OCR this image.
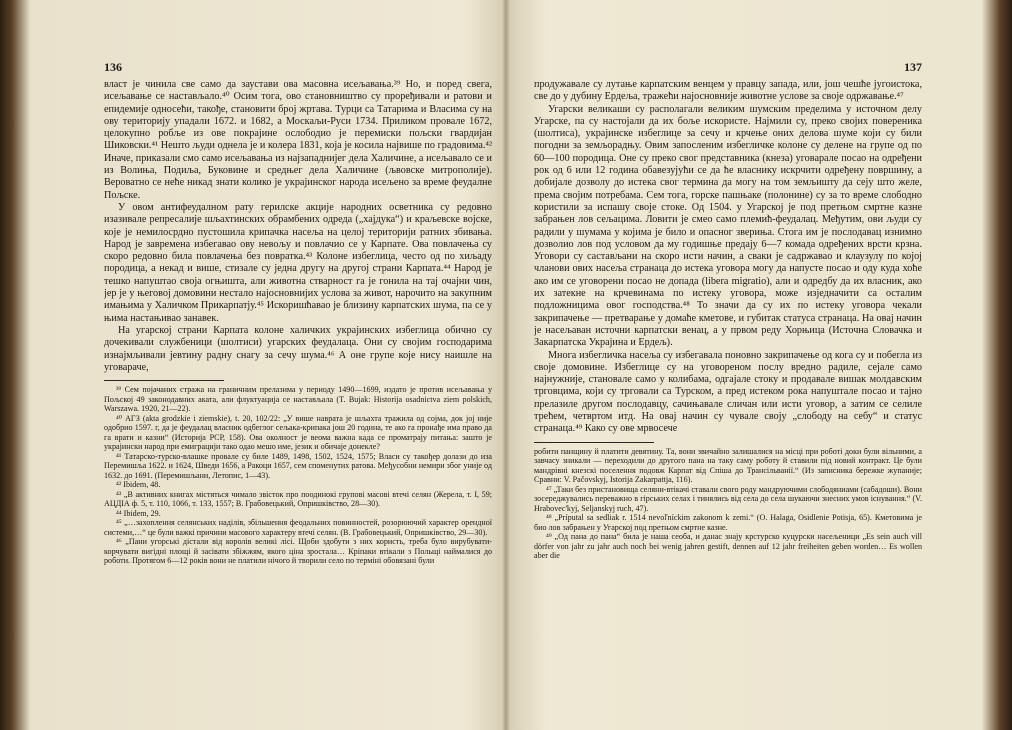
136

власт је чинила све само да заустави ова масовна исељавања.³⁹ Но, и поред свега, исељавање се настављало.⁴⁰ Осим тога, ово становништво су проређивали и ратови и епидемије односећи, такође, становити број жртава. Турци са Татарима и Власима су на ову територију упадали 1672. и 1682, а Москаљи-Руси 1734. Приликом провале 1672, целокупно робље из ове покрајине ослободио је перемиски пољски гвардијан Шиковски.⁴¹ Нешто људи однела је и колера 1831, која је косила највише по градовима.⁴² Иначе, приказали смо само исељавања из најзападнијег дела Халичине, а исељавало се и из Волиња, Подиља, Буковине и средњег дела Халичине (љвовске митрополије). Вероватно се неће никад знати колико је украјинског народа исељено за време феудалне Пољске.

У овом антифеудалном рату герилске акције народних осветника су редовно изазивале репресалије шљахтинских обрамбених одреда („хајдука“) и краљевске војске, које је немилосрдно пустошила крипачка насеља на целој територији ратних збивања. Народ је завремена избегавао ову невољу и повлачио се у Карпате. Ова повлачења су скоро редовно била повлачења без повратка.⁴³ Колоне избеглица, често од по хиљаду породица, а некад и више, стизале су једна другу на другој страни Карпата.⁴⁴ Народ је тешко напуштао своја огњишта, али животна стварност га је гонила на тај очајни чин, јер је у његовој домовини нестало најосновнијих услова за живот, нарочито на закупним имањима у Халичком Прикарпатју.⁴⁵ Искоришћавао је близину карпатских шума, па се у њима настањивао занавек.

На угарској страни Карпата колоне халичких украјинских избеглица обично су дочекивали службеници (шолтиси) угарских феудалаца. Они су својим господарима изнајмљивали јевтину радну снагу за сечу шума.⁴⁶ А оне групе које нису наишле на уговараче,

³⁹ Сем појачаних стража на граничним прелазима у периоду 1490—1699, издато је против исељавања у Пољској 49 законодавних аката, али флуктуација се настављала (T. Bujak: Historija osadnictva ziem polskich, Warszawa. 1920, 21—22).

⁴⁰ АГЗ (akta grodzkie i ziemskie), t. 20, 102/22: „У више наврата је шљахта тражила од сојма, док јој није одобрио 1597. г, да је феудалац власник одбеглог сељака-крипака још 20 година, те ако га пронађе има право да га врати и казни“ (Историја РСР, 158). Ова околност је веома важна када се проматрају питања: зашто је украјински народ при емиграцији тако одао мешо име, језик и обичаје донекле?

⁴¹ Татарско-турско-влашке провале су биле 1489, 1498, 1502, 1524, 1575; Власи су такођер долази до иза Перемишља 1622. и 1624, Шведи 1656, а Ракоци 1657, сем споменутих ратова. Међусобни немири због уније од 1632. до 1691. (Перемишљани, Летопис, 1—43).

⁴² Ibidem, 48.

⁴³ „В активних книгах містяться чимало звісток про поодинокі групові масові втечі селян (Жерела, т. І, 59; АЦДІА ф. 5, т. 110, 1066, т. 133, 1557; В. Грабовецький, Опришківство, 28—30).

⁴⁴ Ibidem, 29.

⁴⁵ „…захоплення селянських наділів, збільшення феодальних повинностей, розорюючий характер орендної системи,…“ це були важкі причини масового характеру втечі селян. (В. Грабовецький, Опришківство, 29—30).

⁴⁶ „Пани угорські дістали від королів великі лісі. Щоби здобути з них користь, треба було вирубувати-корчувати вигідні площі й засівати збіжжям, якого ціна зростала… Кріпаки втікали з Польщі наймалися до роботи. Протягом 6—12 років вони не платили нічого й творили село по терміні обовязані були

137

продужавале су лутање карпатским венцем у правцу запада, или, још чешће југоистока, све до у дубину Ердеља, тражећи најосновније животне услове за своје одржавање.⁴⁷

Угарски великаши су располагали великим шумским пределима у источном делу Угарске, па су настојали да их боље искористе. Најмили су, преко својих повереника (шолтиса), украјинске избеглице за сечу и крчење оних делова шуме који су били погодни за земљорадњу. Овим запосленим избегличке колоне су делене на групе од по 60—100 породица. Оне су преко свог представника (кнеза) уговарале посао на одређени рок од 6 или 12 година обавезујући се да ће власнику искрчити одређену површину, а добијале дозволу до истека свог термина да могу на том земљишту да сеју што желе, према својим потребама. Сем тога, горске пашњаке (полонине) су за то време слободно користили за испашу своје стоке. Од 1504. у Угарској је под претњом смртне казне забрањен лов сељацима. Ловити је смео само племић-феудалац. Међутим, ови људи су радили у шумама у којима је било и опасног звериња. Стога им је послодавац изнимно дозволио лов под условом да му годишње предају 6—7 комада одређених врсти крзна. Уговори су састављани на скоро исти начин, а сваки је садржавао и клаузулу по којој чланови ових насеља странаца до истека уговора могу да напусте посао и оду куда хоће ако им се уговорени посао не допада (libera migratio), али и одредбу да их власник, ако их затекне на крчевинама по истеку уговора, може изједначити са осталим подложницима овог господства.⁴⁸ То значи да су их по истеку уговора чекали закрипачење — претварање у домаће кметове, и губитак статуса странаца. На овај начин је насељаван источни карпатски венац, а у првом реду Хорњица (Источна Словачка и Закарпатска Украјина и Ердељ).

Многа избегличка насеља су избегавала поновно закрипачење од кога су и побегла из своје домовине. Избеглице су на уговореном послу вредно радиле, сејале само најнужније, становале само у колибама, одгајале стоку и продавале вишак молдавским трговцима, који су трговали са Турском, а пред истеком рока напуштале посао и тајно прелазиле другом послодавцу, сачињавале сличан или исти уговор, а затим се селиле трећем, четвртом итд. На овај начин су чувале своју „слободу на себу“ и статус странаца.⁴⁹ Како су ове мрвосече

робити панщину й платити девятину. Та, вони звичайно залишалися на місці при роботі доки були вільними, а завчасу зникали — переходили до другого пана на таку саму роботу й ставили під новий контракт. Це були мандрівні кнезскі поселення подовж Карпат від Спіша до Трансільванії.“ (Из записника бережке жупаније; Сравни: V. Pačovskyj, Istorija Zakarpattja, 116).

⁴⁷ „Таки без пристановища селяни-втікачі ставали свого роду мандруючими слободяниами (сабадоши). Вони зосереджувались переважно в гірських селах і тинялись від села до села шукаючи знесних умов існування.“ (V. Hrabovec'kyj, Seljanskyj ruch, 47).

⁴⁸ „Príputal sa sedliak r. 1514 nevoľníckim zakonom k zemi.“ (O. Halaga, Osidlenie Potisja, 65). Кметовима је био лов забрањен у Угарској под претњом смртне казне.

⁴⁹ „Од пана до пана“ била је наша сеоба, и данас знају крстурско куцурски насељеници „Es sein auch vill dörfer von jahr zu jahr auch noch bei wenig jahren gestift, dennen auf 12 jahr freiheiten geben worden… Es wollen aber die
